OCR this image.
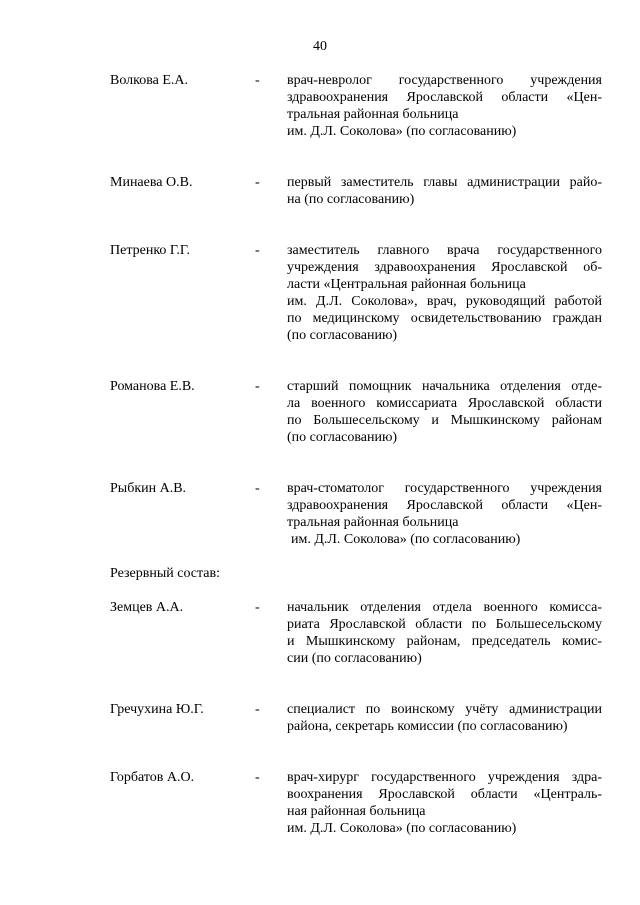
40
Волкова Е.А.	-	врач-невролог государственного учреждения
здравоохранения Ярославской области «Цен-
тральная районная больница
им. Д.Л. Соколова» (по согласованию)
Минаева О.В.	-	первый заместитель главы администрации райо-
на (по согласованию)
Петренко Г.Г.	-	заместитель главного врача государственного
учреждения здравоохранения Ярославской об-
ласти «Центральная районная больница
им. Д.Л. Соколова», врач, руководящий работой
по медицинскому освидетельствованию граждан
(по согласованию)
Романова Е.В.	-	старший помощник начальника отделения отде-
ла военного комиссариата Ярославской области
по Большесельскому и Мышкинскому районам
(по согласованию)
Рыбкин А.В.	-	врач-стоматолог государственного учреждения
здравоохранения Ярославской области «Цен-
тральная районная больница
им. Д.Л. Соколова» (по согласованию)
Резервный состав:
Земцев А.А.	-	начальник отделения отдела военного комисса-
риата Ярославской области по Большесельскому
и Мышкинскому районам, председатель комис-
сии (по согласованию)
Гречухина Ю.Г.	-	специалист по воинскому учёту администрации
района, секретарь комиссии (по согласованию)
Горбатов А.О.	-	врач-хирург государственного учреждения здра-
воохранения Ярославской области «Централь-
ная районная больница
им. Д.Л. Соколова» (по согласованию)
